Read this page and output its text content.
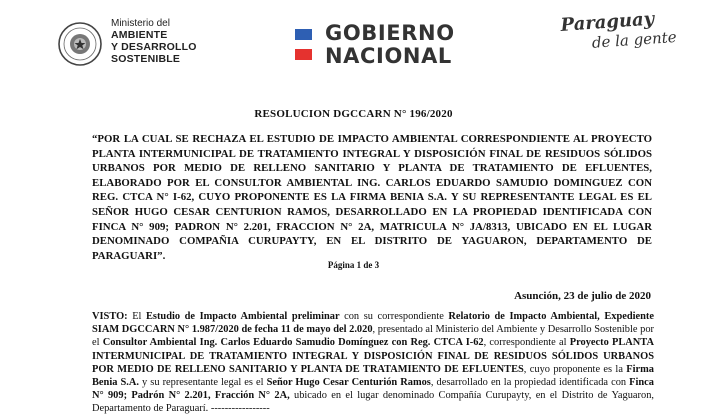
Ministerio del
AMBIENTE
Y DESARROLLO
SOSTENIBLE
GOBIERNO
NACIONAL
Paraguay
de la gente
RESOLUCION DGCCARN N° 196/2020
“POR LA CUAL SE RECHAZA EL ESTUDIO DE IMPACTO AMBIENTAL CORRESPONDIENTE AL PROYECTO PLANTA INTERMUNICIPAL DE TRATAMIENTO INTEGRAL Y DISPOSICIÓN FINAL DE RESIDUOS SÓLIDOS URBANOS POR MEDIO DE RELLENO SANITARIO Y PLANTA DE TRATAMIENTO DE EFLUENTES, ELABORADO POR EL CONSULTOR AMBIENTAL ING. CARLOS EDUARDO SAMUDIO DOMINGUEZ CON REG. CTCA N° I-62, CUYO PROPONENTE ES LA FIRMA BENIA S.A. Y SU REPRESENTANTE LEGAL ES EL SEÑOR HUGO CESAR CENTURION RAMOS, DESARROLLADO EN LA PROPIEDAD IDENTIFICADA CON FINCA N° 909; PADRON N° 2.201, FRACCION N° 2A, MATRICULA N° JA/8313, UBICADO EN EL LUGAR DENOMINADO COMPAÑIA CURUPAYTY, EN EL DISTRITO DE YAGUARON, DEPARTAMENTO DE PARAGUARI”.
Página 1 de 3
Asunción, 23 de julio de 2020
VISTO: El Estudio de Impacto Ambiental preliminar con su correspondiente Relatorio de Impacto Ambiental, Expediente SIAM DGCCARN N° 1.987/2020 de fecha 11 de mayo del 2.020, presentado al Ministerio del Ambiente y Desarrollo Sostenible por el Consultor Ambiental Ing. Carlos Eduardo Samudio Domínguez con Reg. CTCA I-62, correspondiente al Proyecto PLANTA INTERMUNICIPAL DE TRATAMIENTO INTEGRAL Y DISPOSICIÓN FINAL DE RESIDUOS SÓLIDOS URBANOS POR MEDIO DE RELLENO SANITARIO Y PLANTA DE TRATAMIENTO DE EFLUENTES, cuyo proponente es la Firma Benia S.A. y su representante legal es el Señor Hugo Cesar Centurión Ramos, desarrollado en la propiedad identificada con Finca N° 909; Padrón N° 2.201, Fracción N° 2A, ubicado en el lugar denominado Compañía Curupayty, en el Distrito de Yaguaron, Departamento de Paraguarí. -----------------
